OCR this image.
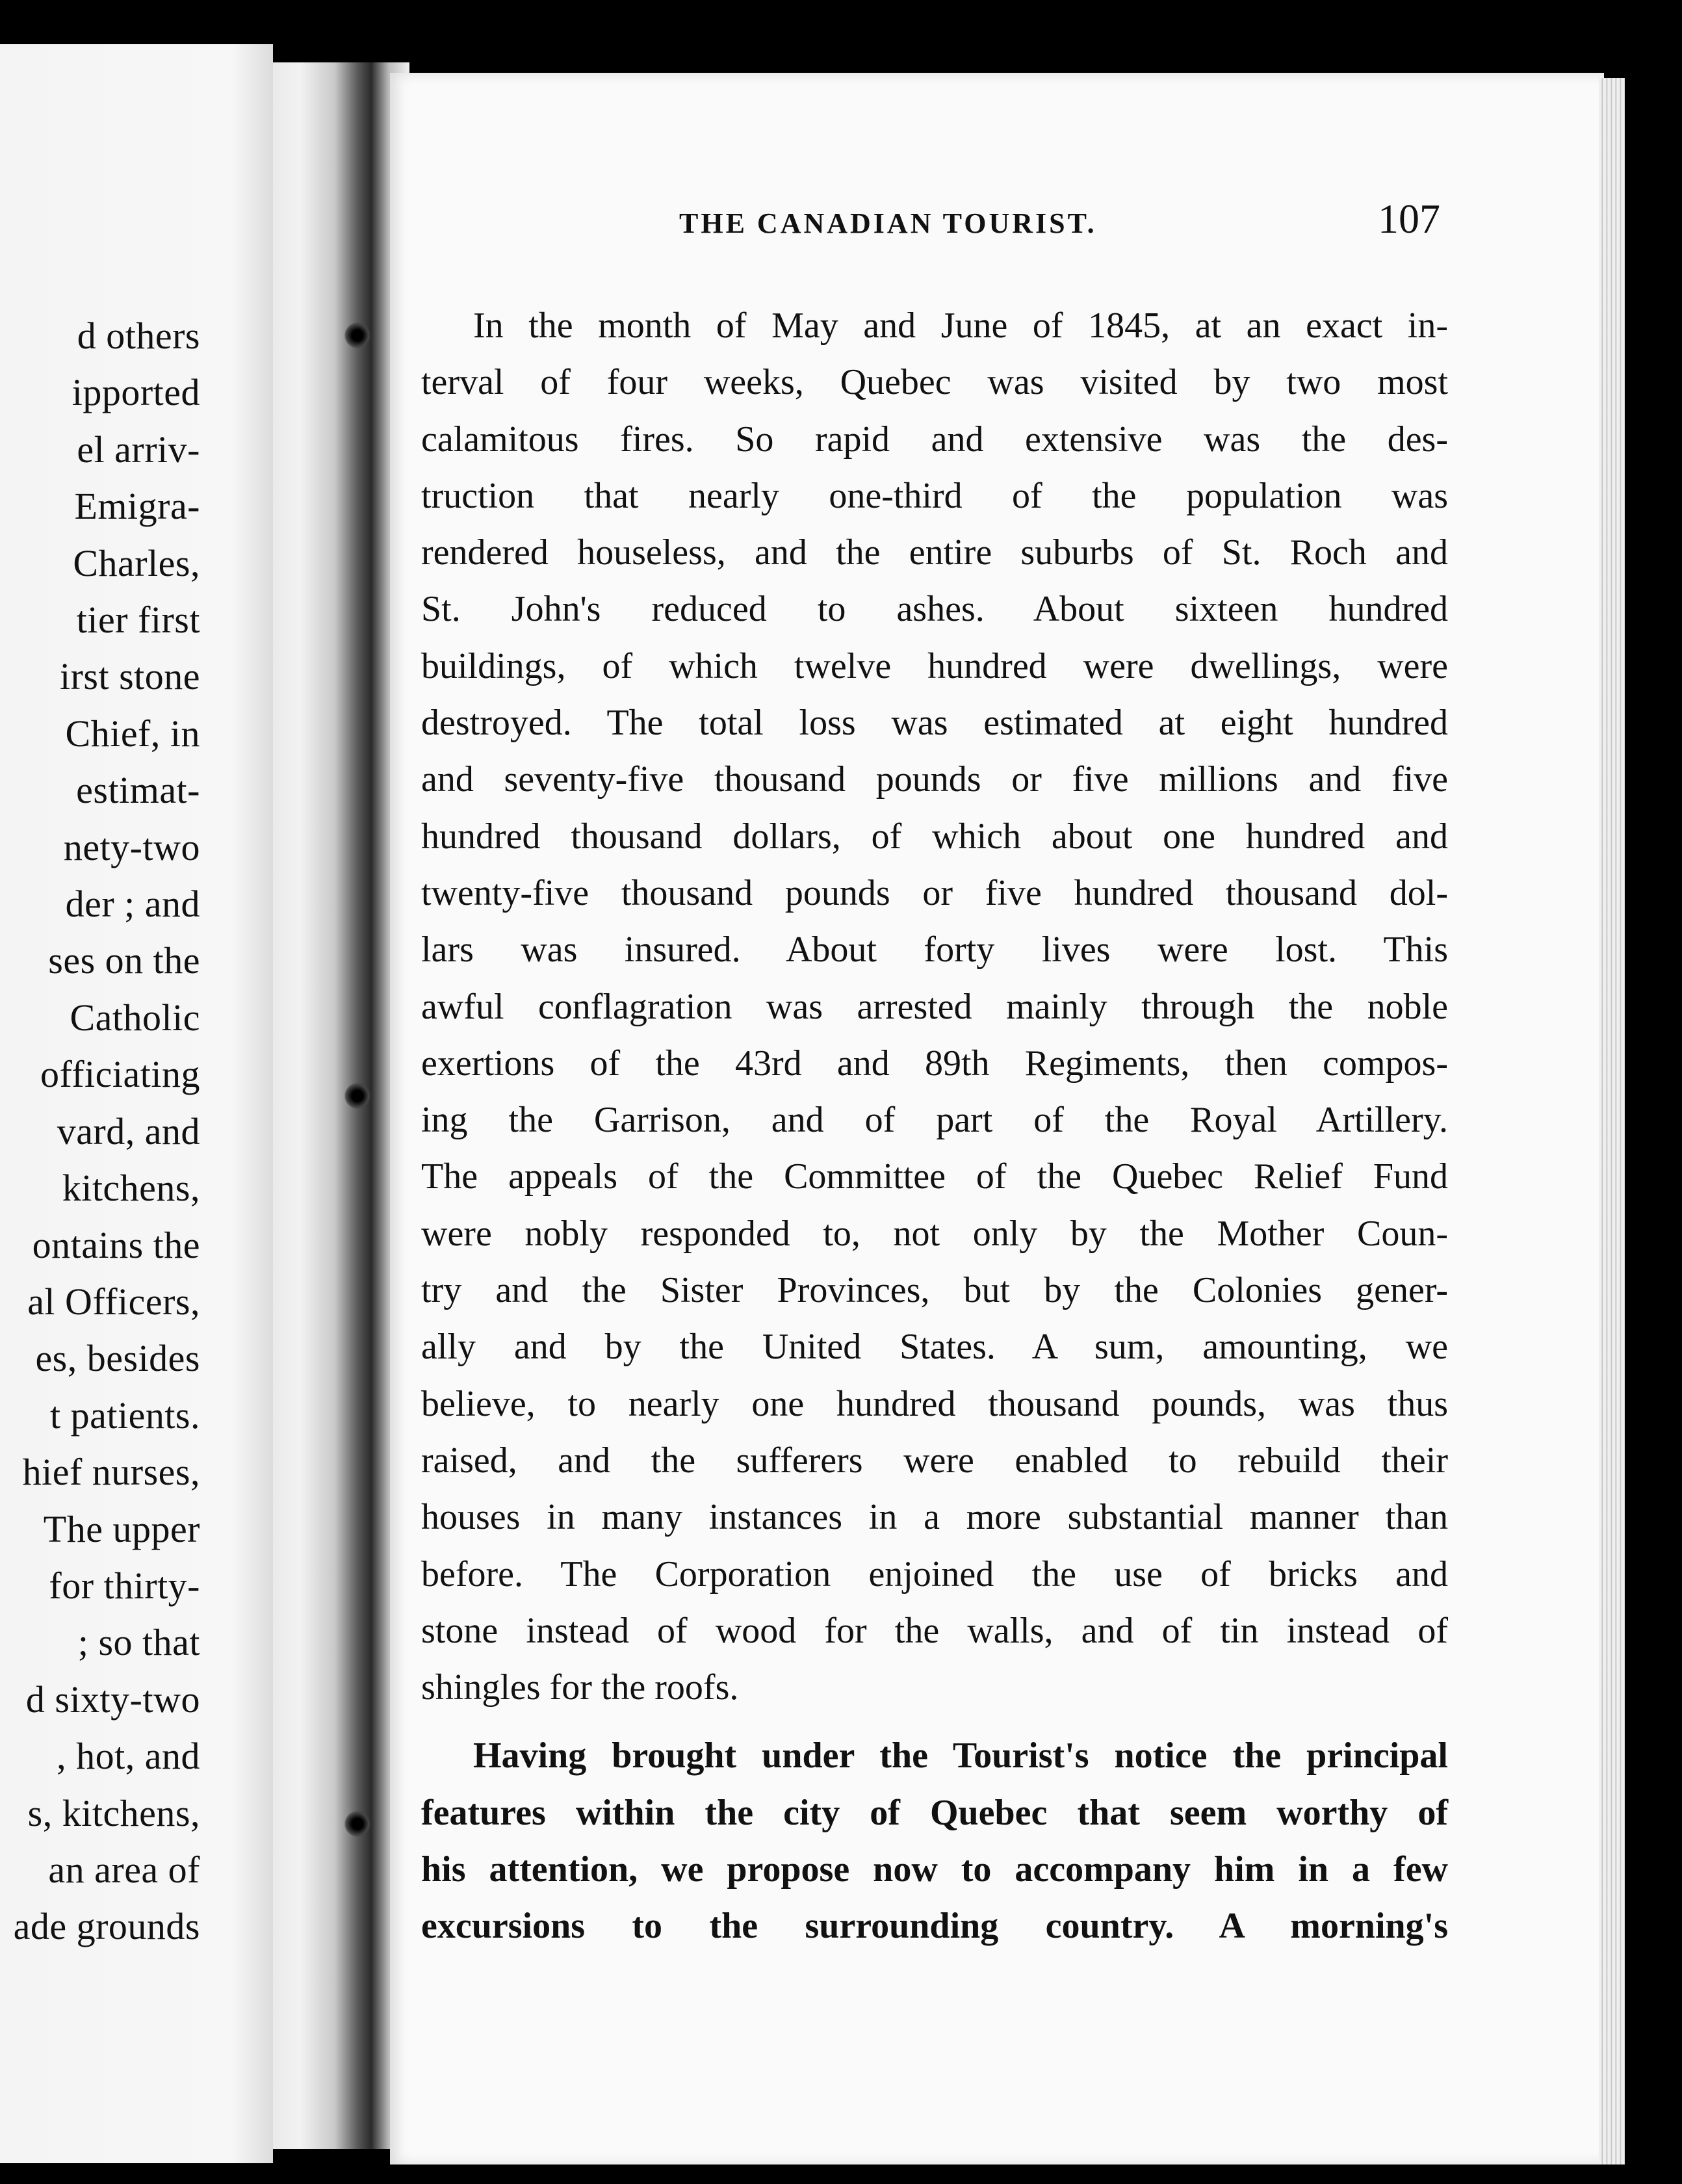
d others
ipported
el arriv-
Emigra-
Charles,
tier first
irst stone
Chief, in
estimat-
nety-two
der ; and
ses on the
Catholic
officiating
vard, and
kitchens,
ontains the
al Officers,
es, besides
t patients.
hief nurses,
The upper
for thirty-
; so that
d sixty-two
, hot, and
s, kitchens,
an area of
ade grounds
THE CANADIAN TOURIST.	107
In the month of May and June of 1845, at an exact in-
terval of four weeks, Quebec was visited by two most
calamitous fires. So rapid and extensive was the des-
truction that nearly one-third of the population was
rendered houseless, and the entire suburbs of St. Roch and
St. John's reduced to ashes. About sixteen hundred
buildings, of which twelve hundred were dwellings, were
destroyed. The total loss was estimated at eight hundred
and seventy-five thousand pounds or five millions and five
hundred thousand dollars, of which about one hundred and
twenty-five thousand pounds or five hundred thousand dol-
lars was insured. About forty lives were lost. This
awful conflagration was arrested mainly through the noble
exertions of the 43rd and 89th Regiments, then compos-
ing the Garrison, and of part of the Royal Artillery.
The appeals of the Committee of the Quebec Relief Fund
were nobly responded to, not only by the Mother Coun-
try and the Sister Provinces, but by the Colonies gener-
ally and by the United States. A sum, amounting, we
believe, to nearly one hundred thousand pounds, was thus
raised, and the sufferers were enabled to rebuild their
houses in many instances in a more substantial manner than
before. The Corporation enjoined the use of bricks and
stone instead of wood for the walls, and of tin instead of
shingles for the roofs.
Having brought under the Tourist's notice the principal
features within the city of Quebec that seem worthy of
his attention, we propose now to accompany him in a few
excursions to the surrounding country. A morning's
